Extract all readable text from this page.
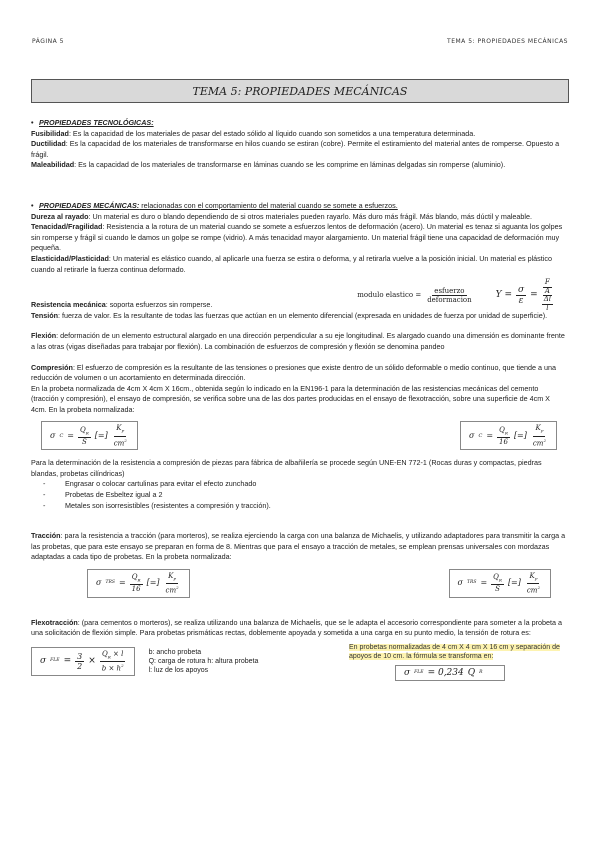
PÁGINA 5	TEMA 5: PROPIEDADES MECÁNICAS
TEMA 5: PROPIEDADES MECÁNICAS

• PROPIEDADES TECNOLÓGICAS:

Fusibilidad: Es la capacidad de los materiales de pasar del estado sólido al líquido cuando son sometidos a una temperatura determinada.

Ductilidad: Es la capacidad de los materiales de transformarse en hilos cuando se estiran (cobre). Permite el estiramiento del material antes de romperse. Opuesto a frágil.

Maleabilidad: Es la capacidad de los materiales de transformarse en láminas cuando se les comprime en láminas delgadas sin romperse (aluminio).

• PROPIEDADES MECÁNICAS: relacionadas con el comportamiento del material cuando se somete a esfuerzos.

Dureza al rayado: Un material es duro o blando dependiendo de si otros materiales pueden rayarlo. Más duro más frágil. Más blando, más dúctil y maleable.

Tenacidad/Fragilidad: Resistencia a la rotura de un material cuando se somete a esfuerzos lentos de deformación (acero). Un material es tenaz si aguanta los golpes sin romperse y frágil si cuando le damos un golpe se rompe (vidrio). A más tenacidad mayor alargamiento. Un material frágil tiene una capacidad de deformación muy pequeña.

Elasticidad/Plasticidad: Un material es elástico cuando, al aplicarle una fuerza se estira o deforma, y al retirarla vuelve a la posición inicial. Un material es plástico cuando al retirarle la fuerza continua deformado.

modulo elastico = $\frac{\text{esfuerzo}}{\text{deformacion}}$ $Y = \frac{\sigma}{\varepsilon}$ =
F
A
Δl
l

Resistencia mecánica: soporta esfuerzos sin romperse.

Tensión: fuerza de valor. Es la resultante de todas las fuerzas que actúan en un elemento diferencial (expresada en unidades de fuerza por unidad de superficie).

Flexión: deformación de un elemento estructural alargado en una dirección perpendicular a su eje longitudinal. Es alargado cuando una dimensión es dominante frente a las otras (vigas diseñadas para trabajar por flexión). La combinación de esfuerzos de compresión y flexión se denomina pandeo

Compresión: El esfuerzo de compresión es la resultante de las tensiones o presiones que existe dentro de un sólido deformable o medio continuo, que tiende a una reducción de volumen o un acortamiento en determinada dirección.

En la probeta normalizada de 4cm X 4cm X 16cm., obtenida según lo indicado en la EN196-1 para la determinación de las resistencias mecánicas del cemento (tracción y compresión), el ensayo de compresión, se verifica sobre una de las dos partes producidas en el ensayo de flexotracción, sobre una superficie de 4cm X 4cm. En la probeta normalizada:

σ $C = \frac{Q_R}{S}$ [=] $\frac{K_P}{cm^2}$	σ $C = \frac{Q_R}{16}$ [=] $\frac{K_P}{cm^2}$

Para la determinación de la resistencia a compresión de piezas para fábrica de albañilería se procede según UNE-EN 772-1 (Rocas duras y compactas, piedras blandas, probetas cilíndricas)

- Engrasar o colocar cartulinas para evitar el efecto zunchado
- Probetas de Esbeltez igual a 2
- Metales son isorresistibles (resistentes a compresión y tracción).

Tracción: para la resistencia a tracción (para morteros), se realiza ejerciendo la carga con una balanza de Michaelis, y utilizando adaptadores para transmitir la carga a las probetas, que para este ensayo se preparan en forma de 8. Mientras que para el ensayo a tracción de metales, se emplean prensas universales con mordazas adaptadas a cada tipo de probetas. En la probeta normalizada:

σ TRS = $\frac{Q_R}{16}$ [=] $\frac{K_P}{cm^2}$	σ TRS = $\frac{Q_R}{S}$ [=] $\frac{K_P}{cm^2}$

Flexotracción: (para cementos o morteros), se realiza utilizando una balanza de Michaelis, que se le adapta el accesorio correspondiente para someter a la probeta a una solicitación de flexión simple. Para probetas prismáticas rectas, doblemente apoyada y sometida a una carga en su punto medio, la tensión de rotura es:

σ FLE = $\frac{3}{2} \times \frac{Q_R \times l}{b \times h^2}$	b: ancho probeta
Q: carga de rotura h: altura probeta
l: luz de los apoyos
En probetas normalizadas de 4 cm X 4 cm X 16 cm y separación de apoyos de 10 cm. la fórmula se transforma en:
σ FLE = 0,234 Q R
